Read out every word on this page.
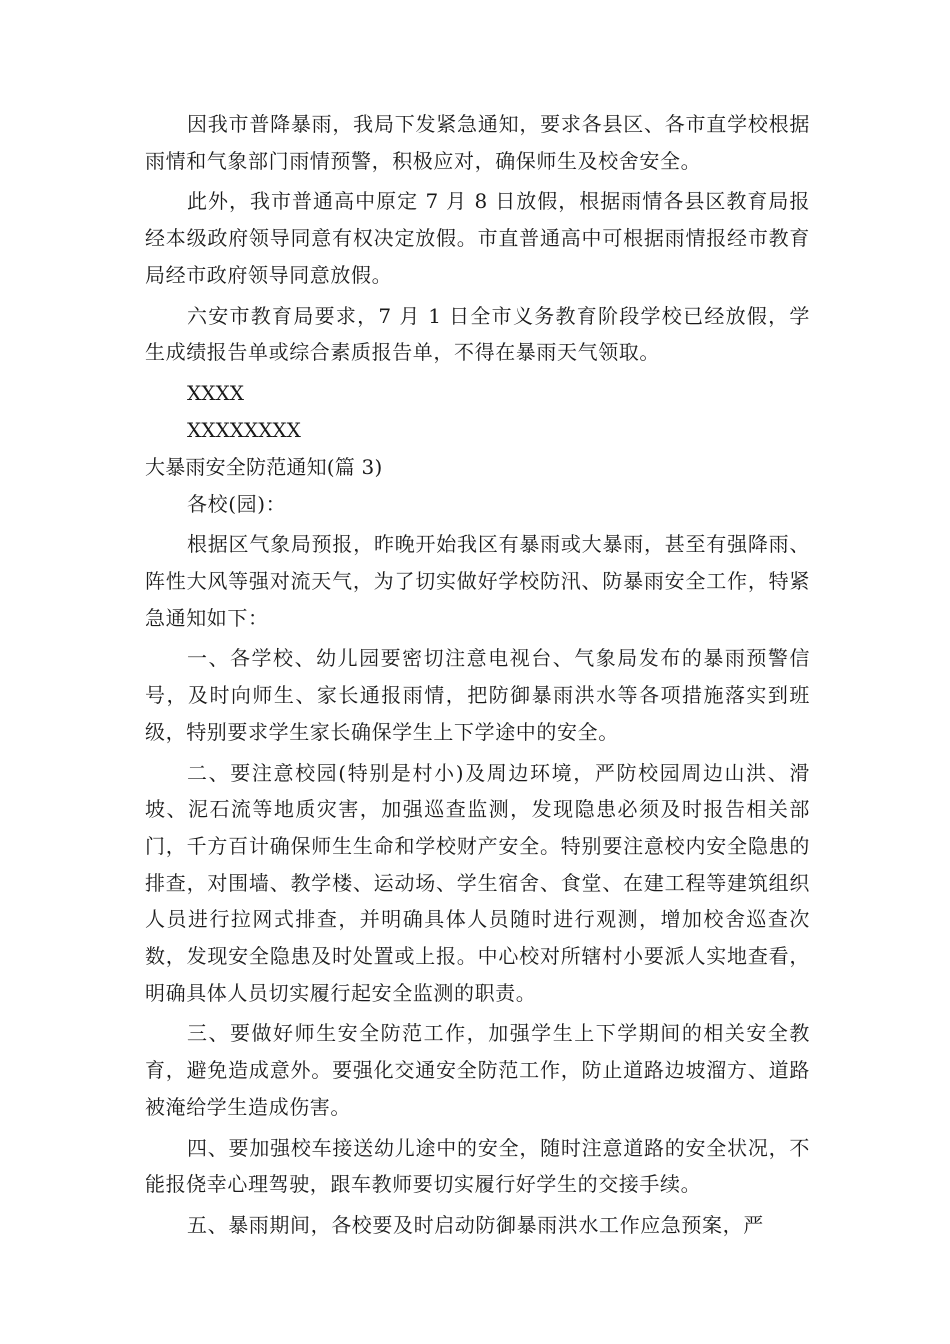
因我市普降暴雨，我局下发紧急通知，要求各县区、各市直学校根据雨情和气象部门雨情预警，积极应对，确保师生及校舍安全。

此外，我市普通高中原定 7 月 8 日放假，根据雨情各县区教育局报经本级政府领导同意有权决定放假。市直普通高中可根据雨情报经市教育局经市政府领导同意放假。

六安市教育局要求，7 月 1 日全市义务教育阶段学校已经放假，学生成绩报告单或综合素质报告单，不得在暴雨天气领取。

XXXX

XXXXXXXX

大暴雨安全防范通知(篇 3)

各校(园)：

根据区气象局预报，昨晚开始我区有暴雨或大暴雨，甚至有强降雨、阵性大风等强对流天气，为了切实做好学校防汛、防暴雨安全工作，特紧急通知如下：

一、各学校、幼儿园要密切注意电视台、气象局发布的暴雨预警信号，及时向师生、家长通报雨情，把防御暴雨洪水等各项措施落实到班级，特别要求学生家长确保学生上下学途中的安全。

二、要注意校园(特别是村小)及周边环境，严防校园周边山洪、滑坡、泥石流等地质灾害，加强巡查监测，发现隐患必须及时报告相关部门，千方百计确保师生生命和学校财产安全。特别要注意校内安全隐患的排查，对围墙、教学楼、运动场、学生宿舍、食堂、在建工程等建筑组织人员进行拉网式排查，并明确具体人员随时进行观测，增加校舍巡查次数，发现安全隐患及时处置或上报。中心校对所辖村小要派人实地查看，明确具体人员切实履行起安全监测的职责。

三、要做好师生安全防范工作，加强学生上下学期间的相关安全教育，避免造成意外。要强化交通安全防范工作，防止道路边坡溜方、道路被淹给学生造成伤害。

四、要加强校车接送幼儿途中的安全，随时注意道路的安全状况，不能报侥幸心理驾驶，跟车教师要切实履行好学生的交接手续。

五、暴雨期间，各校要及时启动防御暴雨洪水工作应急预案，严
